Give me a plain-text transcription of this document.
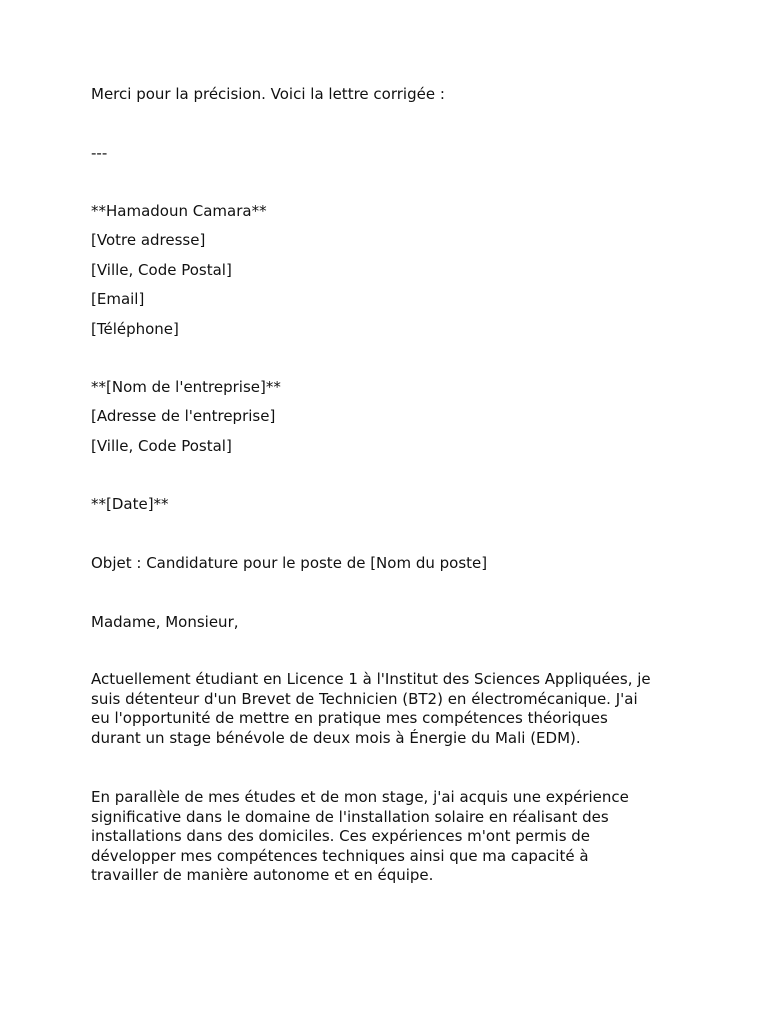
Merci pour la précision. Voici la lettre corrigée :
---
**Hamadoun Camara**
[Votre adresse]
[Ville, Code Postal]
[Email]
[Téléphone]
**[Nom de l'entreprise]**
[Adresse de l'entreprise]
[Ville, Code Postal]
**[Date]**
Objet : Candidature pour le poste de [Nom du poste]
Madame, Monsieur,
Actuellement étudiant en Licence 1 à l'Institut des Sciences Appliquées, je
suis détenteur d'un Brevet de Technicien (BT2) en électromécanique. J'ai
eu l'opportunité de mettre en pratique mes compétences théoriques
durant un stage bénévole de deux mois à Énergie du Mali (EDM).
En parallèle de mes études et de mon stage, j'ai acquis une expérience
significative dans le domaine de l'installation solaire en réalisant des
installations dans des domiciles. Ces expériences m'ont permis de
développer mes compétences techniques ainsi que ma capacité à
travailler de manière autonome et en équipe.
